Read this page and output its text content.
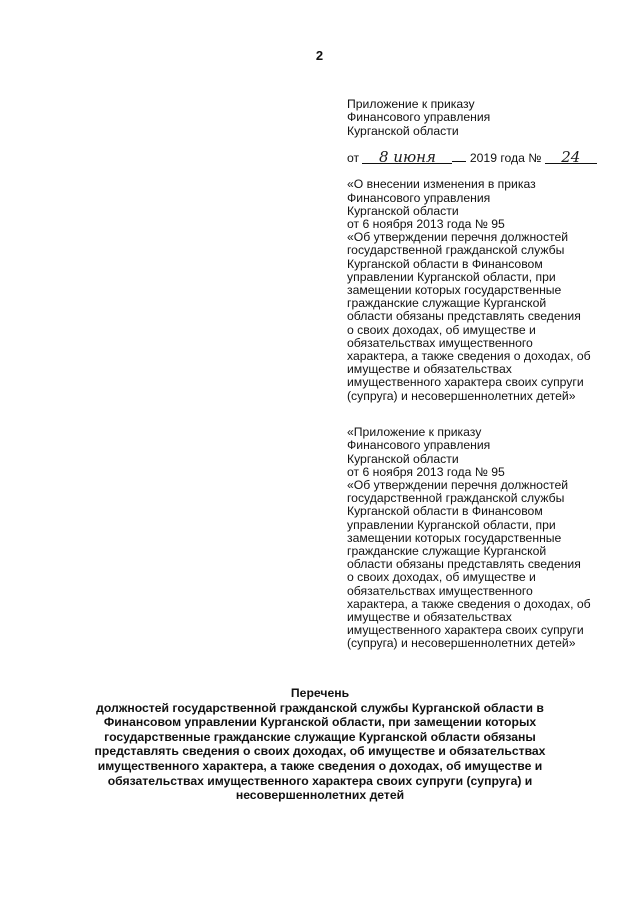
2

Приложение к приказу
Финансового управления
Курганской области

от 8 июня	2019 года № 24

«О внесении изменения в приказ
Финансового управления
Курганской области
от 6 ноября 2013 года № 95
«Об утверждении перечня должностей
государственной гражданской службы
Курганской области в Финансовом
управлении Курганской области, при
замещении которых государственные
гражданские служащие Курганской
области обязаны представлять сведения
о своих доходах, об имуществе и
обязательствах имущественного
характера, а также сведения о доходах, об
имуществе и обязательствах
имущественного характера своих супруги
(супруга) и несовершеннолетних детей»

«Приложение к приказу
Финансового управления
Курганской области
от 6 ноября 2013 года № 95
«Об утверждении перечня должностей
государственной гражданской службы
Курганской области в Финансовом
управлении Курганской области, при
замещении которых государственные
гражданские служащие Курганской
области обязаны представлять сведения
о своих доходах, об имуществе и
обязательствах имущественного
характера, а также сведения о доходах, об
имуществе и обязательствах
имущественного характера своих супруги
(супруга) и несовершеннолетних детей»

Перечень
должностей государственной гражданской службы Курганской области в
Финансовом управлении Курганской области, при замещении которых
государственные гражданские служащие Курганской области обязаны
представлять сведения о своих доходах, об имуществе и обязательствах
имущественного характера, а также сведения о доходах, об имуществе и
обязательствах имущественного характера своих супруги (супруга) и
несовершеннолетних детей
